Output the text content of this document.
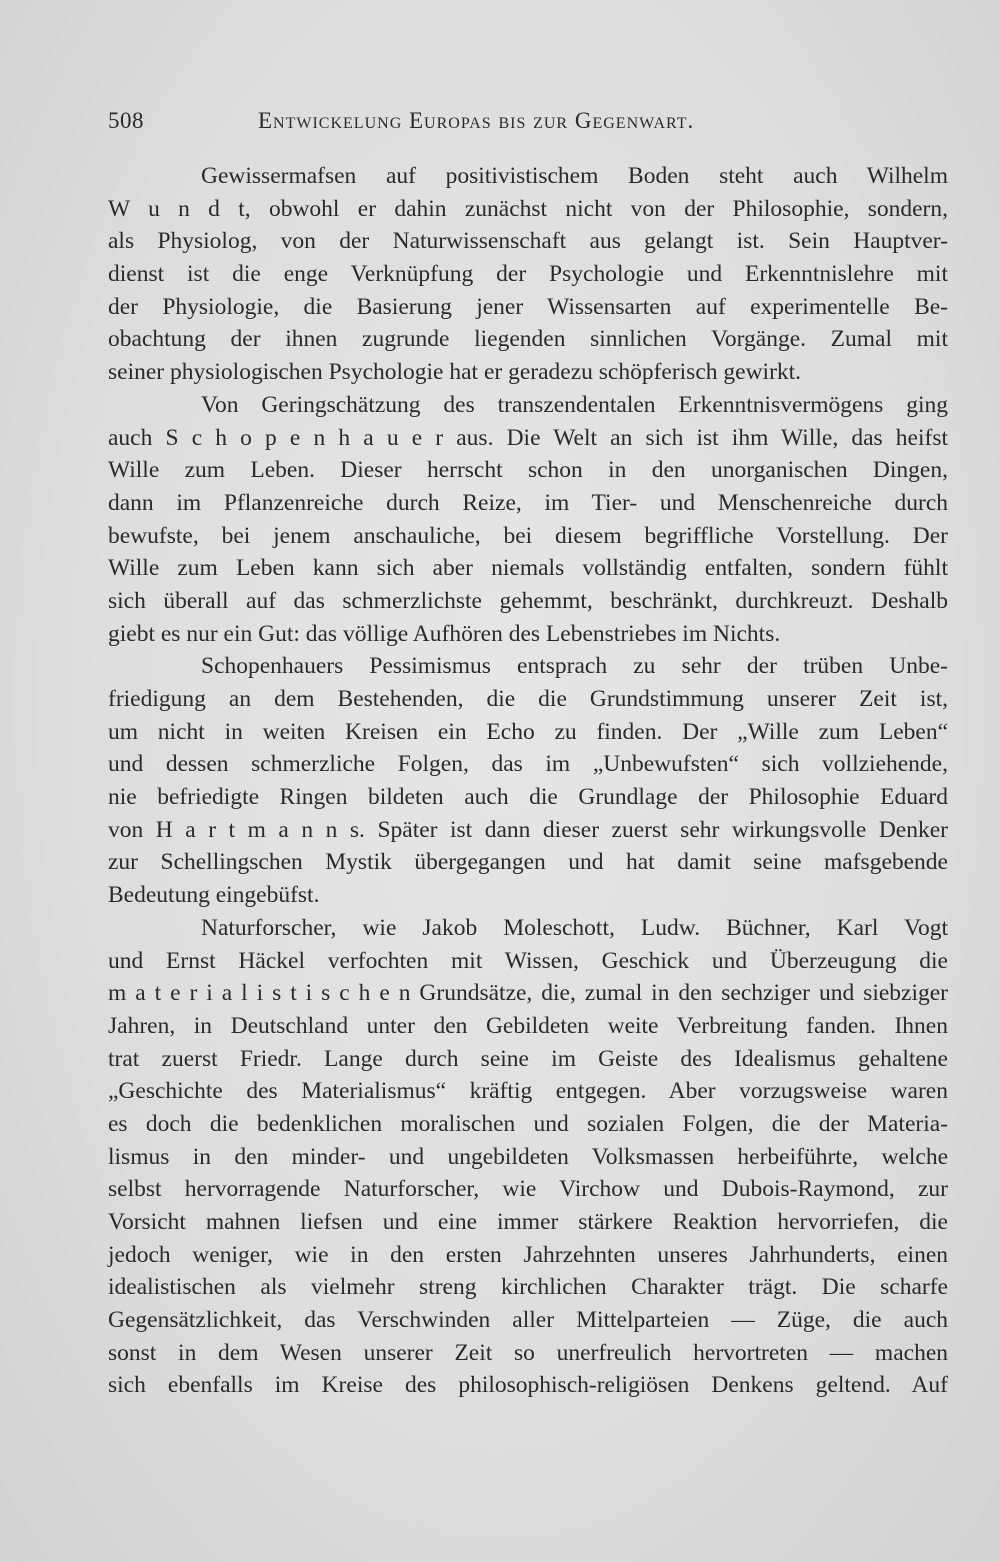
508	Entwickelung Europas bis zur Gegenwart.
Gewissermafsen auf positivistischem Boden steht auch Wilhelm
W u n d t, obwohl er dahin zunächst nicht von der Philosophie, sondern,
als Physiolog, von der Naturwissenschaft aus gelangt ist. Sein Hauptver-
dienst ist die enge Verknüpfung der Psychologie und Erkenntnislehre mit
der Physiologie, die Basierung jener Wissensarten auf experimentelle Be-
obachtung der ihnen zugrunde liegenden sinnlichen Vorgänge. Zumal mit
seiner physiologischen Psychologie hat er geradezu schöpferisch gewirkt.
Von Geringschätzung des transzendentalen Erkenntnisvermögens ging
auch S c h o p e n h a u e r aus. Die Welt an sich ist ihm Wille, das heifst
Wille zum Leben. Dieser herrscht schon in den unorganischen Dingen,
dann im Pflanzenreiche durch Reize, im Tier- und Menschenreiche durch
bewufste, bei jenem anschauliche, bei diesem begriffliche Vorstellung. Der
Wille zum Leben kann sich aber niemals vollständig entfalten, sondern fühlt
sich überall auf das schmerzlichste gehemmt, beschränkt, durchkreuzt. Deshalb
giebt es nur ein Gut: das völlige Aufhören des Lebenstriebes im Nichts.
Schopenhauers Pessimismus entsprach zu sehr der trüben Unbe-
friedigung an dem Bestehenden, die die Grundstimmung unserer Zeit ist,
um nicht in weiten Kreisen ein Echo zu finden. Der „Wille zum Leben“
und dessen schmerzliche Folgen, das im „Unbewufsten“ sich vollziehende,
nie befriedigte Ringen bildeten auch die Grundlage der Philosophie Eduard
von H a r t m a n n s. Später ist dann dieser zuerst sehr wirkungsvolle Denker
zur Schellingschen Mystik übergegangen und hat damit seine mafsgebende
Bedeutung eingebüfst.
Naturforscher, wie Jakob Moleschott, Ludw. Büchner, Karl Vogt
und Ernst Häckel verfochten mit Wissen, Geschick und Überzeugung die
m a t e r i a l i s t i s c h e n Grundsätze, die, zumal in den sechziger und siebziger
Jahren, in Deutschland unter den Gebildeten weite Verbreitung fanden. Ihnen
trat zuerst Friedr. Lange durch seine im Geiste des Idealismus gehaltene
„Geschichte des Materialismus“ kräftig entgegen. Aber vorzugsweise waren
es doch die bedenklichen moralischen und sozialen Folgen, die der Materia-
lismus in den minder- und ungebildeten Volksmassen herbeiführte, welche
selbst hervorragende Naturforscher, wie Virchow und Dubois-Raymond, zur
Vorsicht mahnen liefsen und eine immer stärkere Reaktion hervorriefen, die
jedoch weniger, wie in den ersten Jahrzehnten unseres Jahrhunderts, einen
idealistischen als vielmehr streng kirchlichen Charakter trägt. Die scharfe
Gegensätzlichkeit, das Verschwinden aller Mittelparteien — Züge, die auch
sonst in dem Wesen unserer Zeit so unerfreulich hervortreten — machen
sich ebenfalls im Kreise des philosophisch-religiösen Denkens geltend. Auf
